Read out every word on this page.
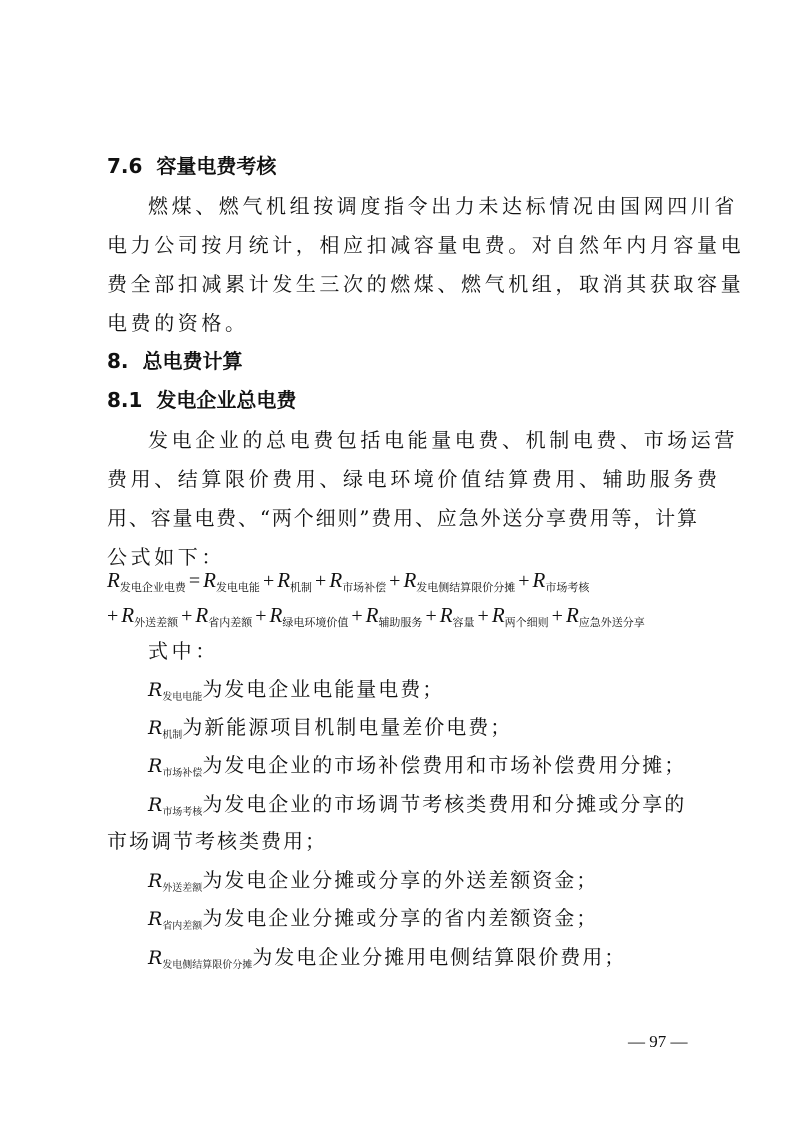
7.6 容量电费考核
燃煤、燃气机组按调度指令出力未达标情况由国网四川省
电力公司按月统计，相应扣减容量电费。对自然年内月容量电
费全部扣减累计发生三次的燃煤、燃气机组，取消其获取容量
电费的资格。
8. 总电费计算
8.1 发电企业总电费
发电企业的总电费包括电能量电费、机制电费、市场运营
费用、结算限价费用、绿电环境价值结算费用、辅助服务费
用、容量电费、“两个细则”费用、应急外送分享费用等，计算
公式如下：
$R_{发电企业电费} = R_{发电电能} + R_{机制} + R_{市场补偿} + R_{发电侧结算限价分摊} + R_{市场考核}$
+ $R_{外送差额} + R_{省内差额} + R_{绿电环境价值} + R_{辅助服务} + R_{容量} + R_{两个细则} + R_{应急外送分享}$
式中：
$R_{发电电能}$为发电企业电能量电费；
$R_{机制}$为新能源项目机制电量差价电费；
$R_{市场补偿}$为发电企业的市场补偿费用和市场补偿费用分摊；
$R_{市场考核}$为发电企业的市场调节考核类费用和分摊或分享的
市场调节考核类费用；
$R_{外送差额}$为发电企业分摊或分享的外送差额资金；
$R_{省内差额}$为发电企业分摊或分享的省内差额资金；
$R_{发电侧结算限价分摊}$为发电企业分摊用电侧结算限价费用；
— 97 —
